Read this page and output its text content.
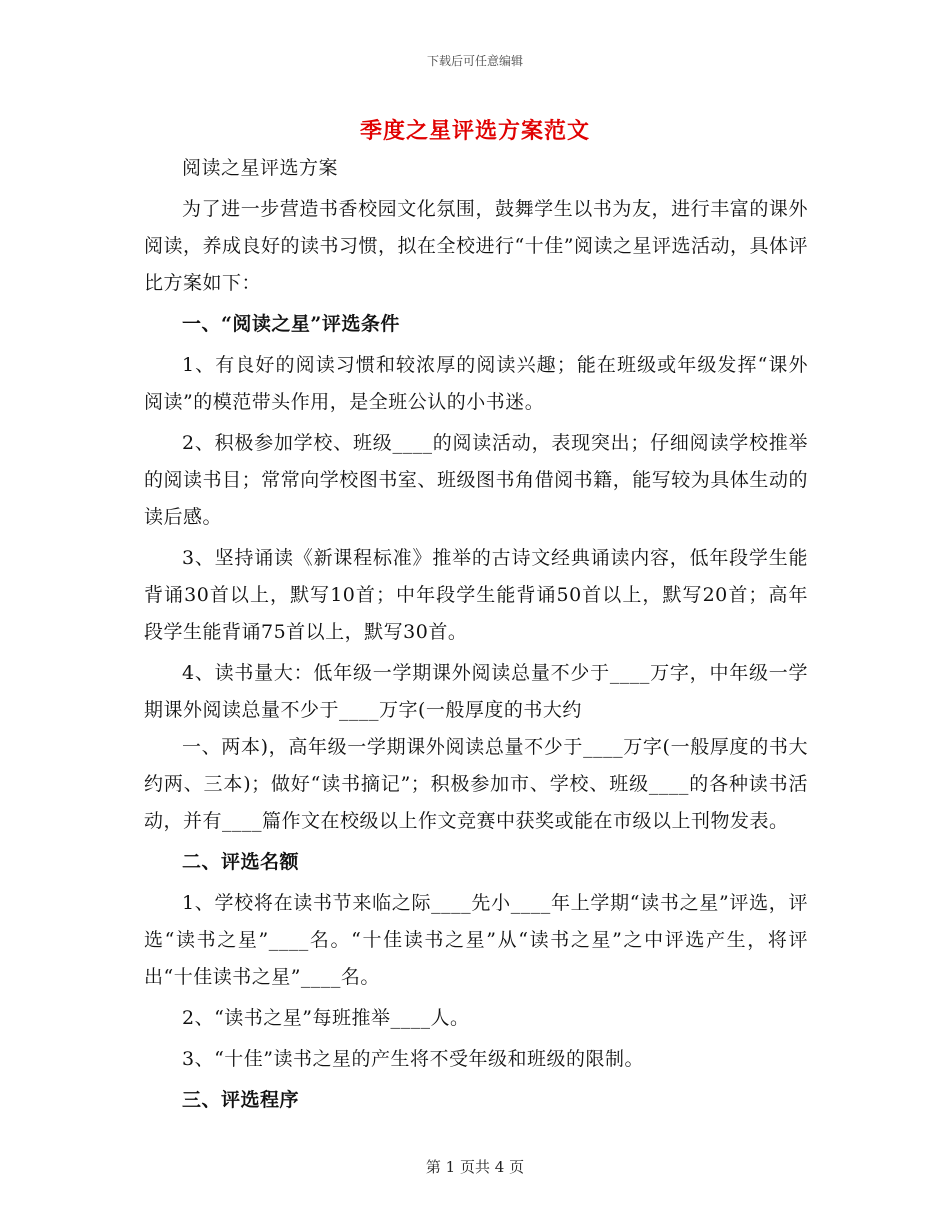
下载后可任意编辑
季度之星评选方案范文

阅读之星评选方案

为了进一步营造书香校园文化氛围，鼓舞学生以书为友，进行丰富的课外阅读，养成良好的读书习惯，拟在全校进行“十佳”阅读之星评选活动，具体评比方案如下：

一、“阅读之星”评选条件

1、有良好的阅读习惯和较浓厚的阅读兴趣；能在班级或年级发挥“课外阅读”的模范带头作用，是全班公认的小书迷。

2、积极参加学校、班级____的阅读活动，表现突出；仔细阅读学校推举的阅读书目；常常向学校图书室、班级图书角借阅书籍，能写较为具体生动的读后感。

3、坚持诵读《新课程标准》推举的古诗文经典诵读内容，低年段学生能背诵30首以上，默写10首；中年段学生能背诵50首以上，默写20首；高年段学生能背诵75首以上，默写30首。

4、读书量大：低年级一学期课外阅读总量不少于____万字，中年级一学期课外阅读总量不少于____万字(一般厚度的书大约

一、两本)，高年级一学期课外阅读总量不少于____万字(一般厚度的书大约两、三本)；做好“读书摘记”；积极参加市、学校、班级____的各种读书活动，并有____篇作文在校级以上作文竞赛中获奖或能在市级以上刊物发表。

二、评选名额

1、学校将在读书节来临之际____先小____年上学期“读书之星”评选，评选“读书之星”____名。“十佳读书之星”从“读书之星”之中评选产生，将评出“十佳读书之星”____名。

2、“读书之星”每班推举____人。

3、“十佳”读书之星的产生将不受年级和班级的限制。

三、评选程序

第 1 页共 4 页
